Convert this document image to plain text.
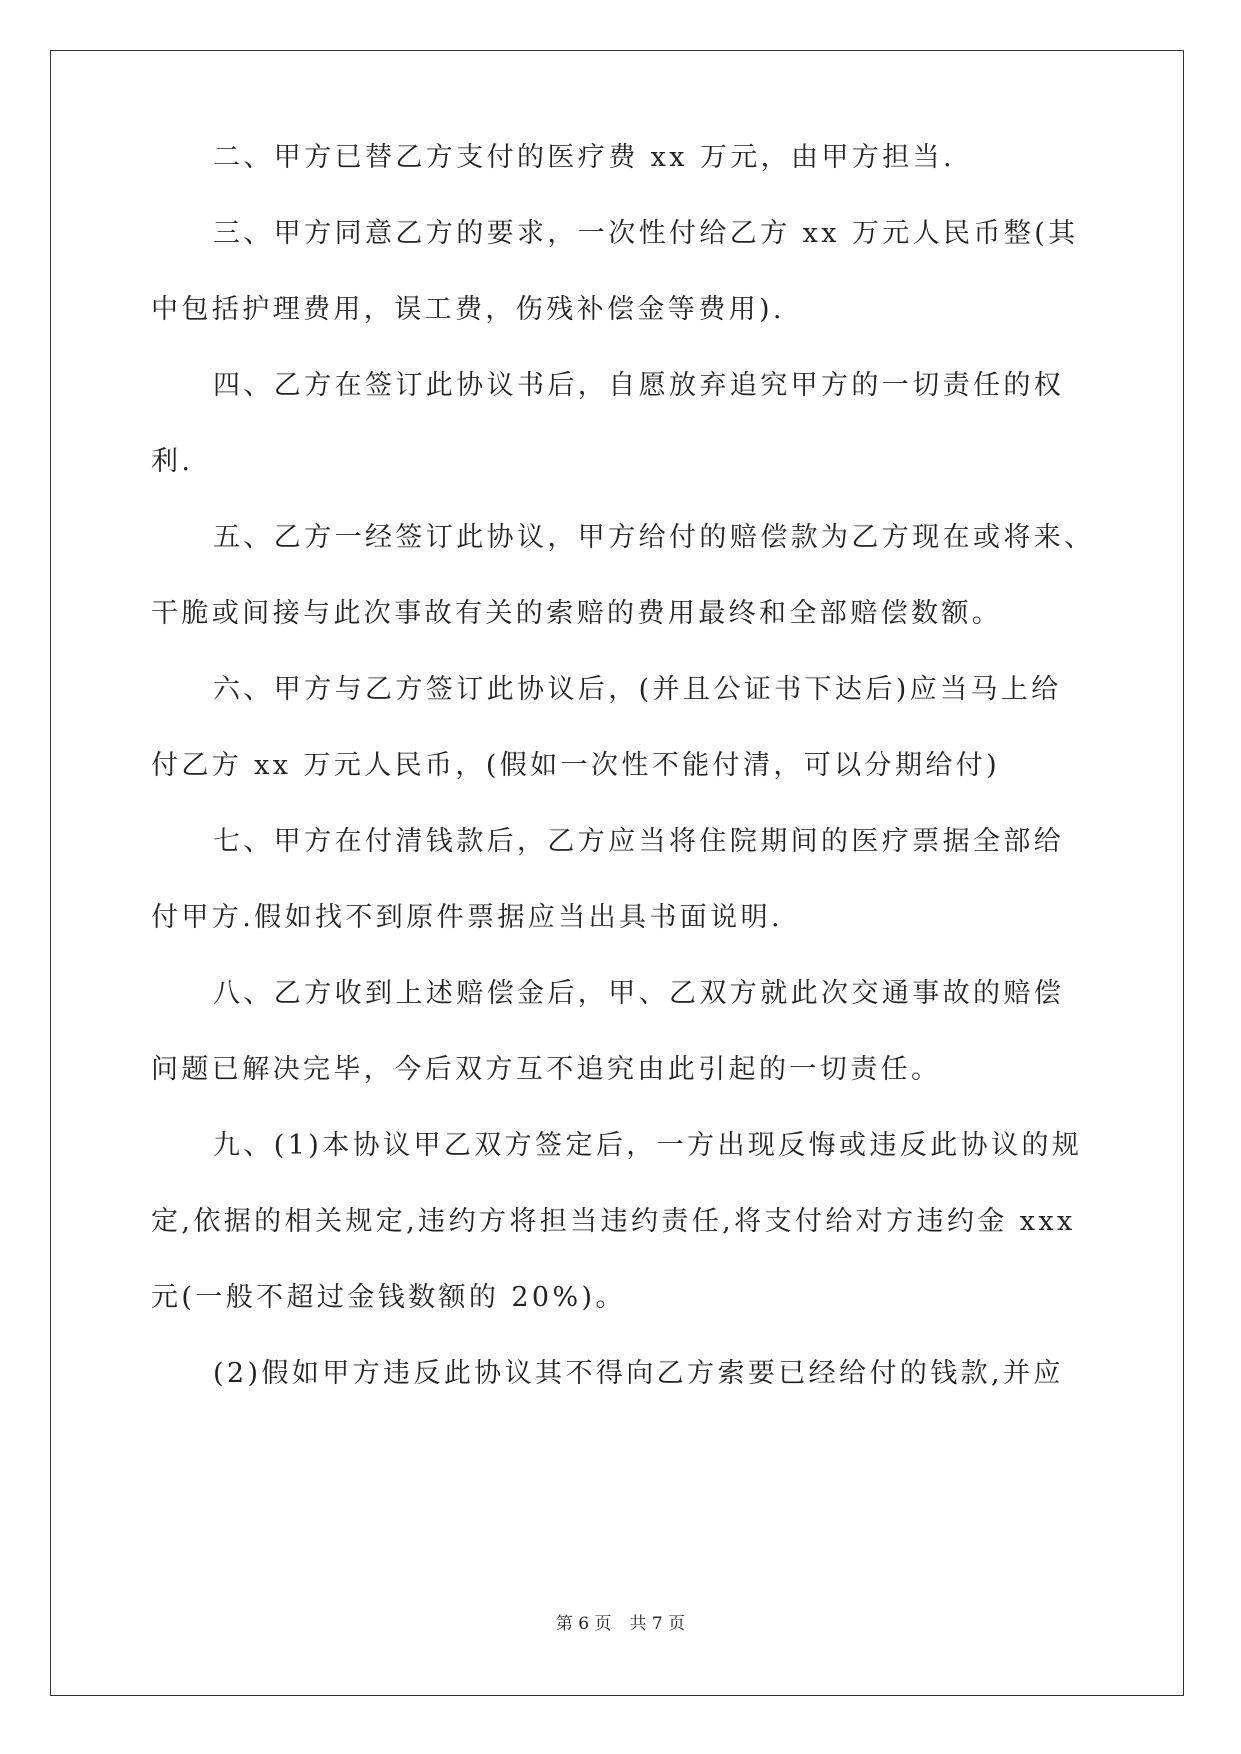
二、甲方已替乙方支付的医疗费 xx 万元，由甲方担当.
三、甲方同意乙方的要求，一次性付给乙方 xx 万元人民币整(其
中包括护理费用，误工费，伤残补偿金等费用).
四、乙方在签订此协议书后，自愿放弃追究甲方的一切责任的权
利.
五、乙方一经签订此协议，甲方给付的赔偿款为乙方现在或将来、
干脆或间接与此次事故有关的索赔的费用最终和全部赔偿数额。
六、甲方与乙方签订此协议后，(并且公证书下达后)应当马上给
付乙方 xx 万元人民币，(假如一次性不能付清，可以分期给付)
七、甲方在付清钱款后，乙方应当将住院期间的医疗票据全部给
付甲方.假如找不到原件票据应当出具书面说明.
八、乙方收到上述赔偿金后，甲、乙双方就此次交通事故的赔偿
问题已解决完毕，今后双方互不追究由此引起的一切责任。
九、(1)本协议甲乙双方签定后，一方出现反悔或违反此协议的规
定,依据的相关规定,违约方将担当违约责任,将支付给对方违约金 xxx
元(一般不超过金钱数额的 20%)。
(2)假如甲方违反此协议其不得向乙方索要已经给付的钱款,并应
第 6 页 共 7 页
